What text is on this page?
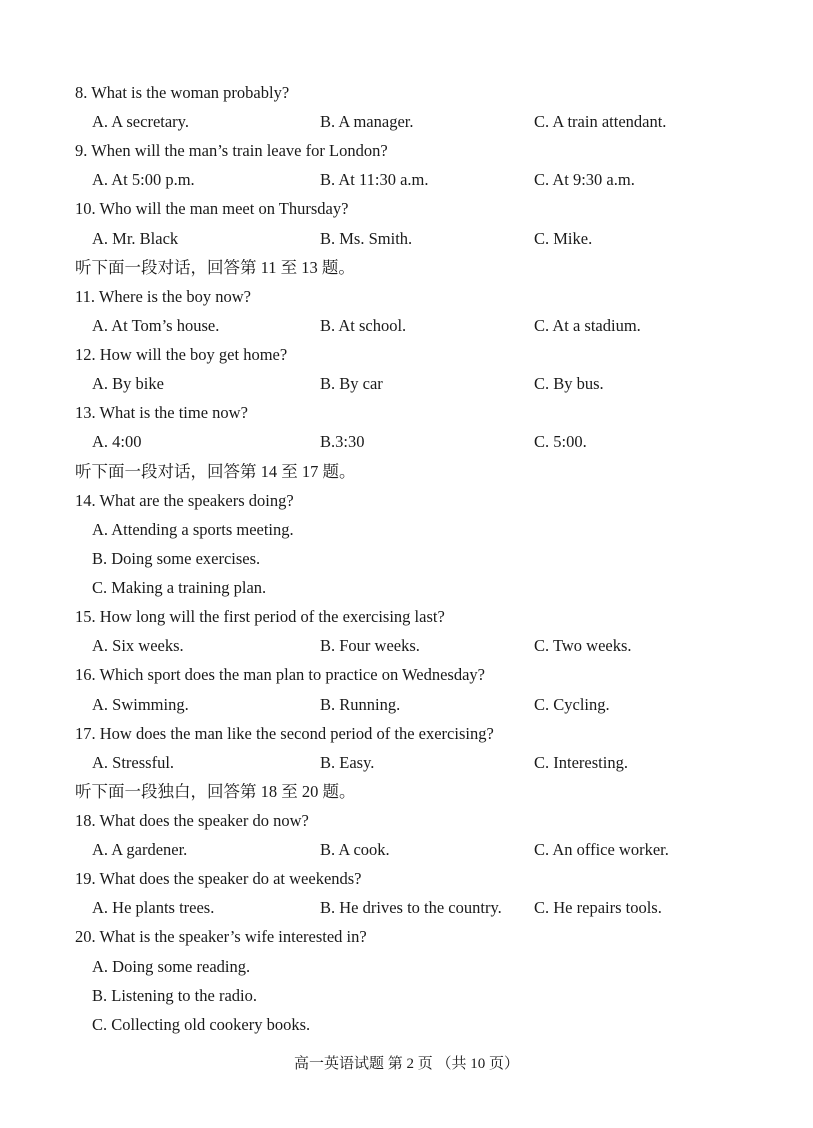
8. What is the woman probably?
A. A secretary.	B. A manager.	C. A train attendant.
9. When will the man’s train leave for London?
A. At 5:00 p.m.	B. At 11:30 a.m.	C. At 9:30 a.m.
10. Who will the man meet on Thursday?
A. Mr. Black	B. Ms. Smith.	C. Mike.
听下面一段对话，回答第 11 至 13 题。
11. Where is the boy now?
A. At Tom’s house.	B. At school.	C. At a stadium.
12. How will the boy get home?
A. By bike	B. By car	C. By bus.
13. What is the time now?
A. 4:00	B.3:30	C. 5:00.
听下面一段对话，回答第 14 至 17 题。
14. What are the speakers doing?
A. Attending a sports meeting.
B. Doing some exercises.
C. Making a training plan.
15. How long will the first period of the exercising last?
A. Six weeks.	B. Four weeks.	C. Two weeks.
16. Which sport does the man plan to practice on Wednesday?
A. Swimming.	B. Running.	C. Cycling.
17. How does the man like the second period of the exercising?
A. Stressful.	B. Easy.	C. Interesting.
听下面一段独白，回答第 18 至 20 题。
18. What does the speaker do now?
A. A gardener.	B. A cook.	C. An office worker.
19. What does the speaker do at weekends?
A. He plants trees.	B. He drives to the country. C. He repairs tools.
20. What is the speaker’s wife interested in?
A. Doing some reading.
B. Listening to the radio.
C. Collecting old cookery books.
高一英语试题 第 2 页 （共 10 页）
